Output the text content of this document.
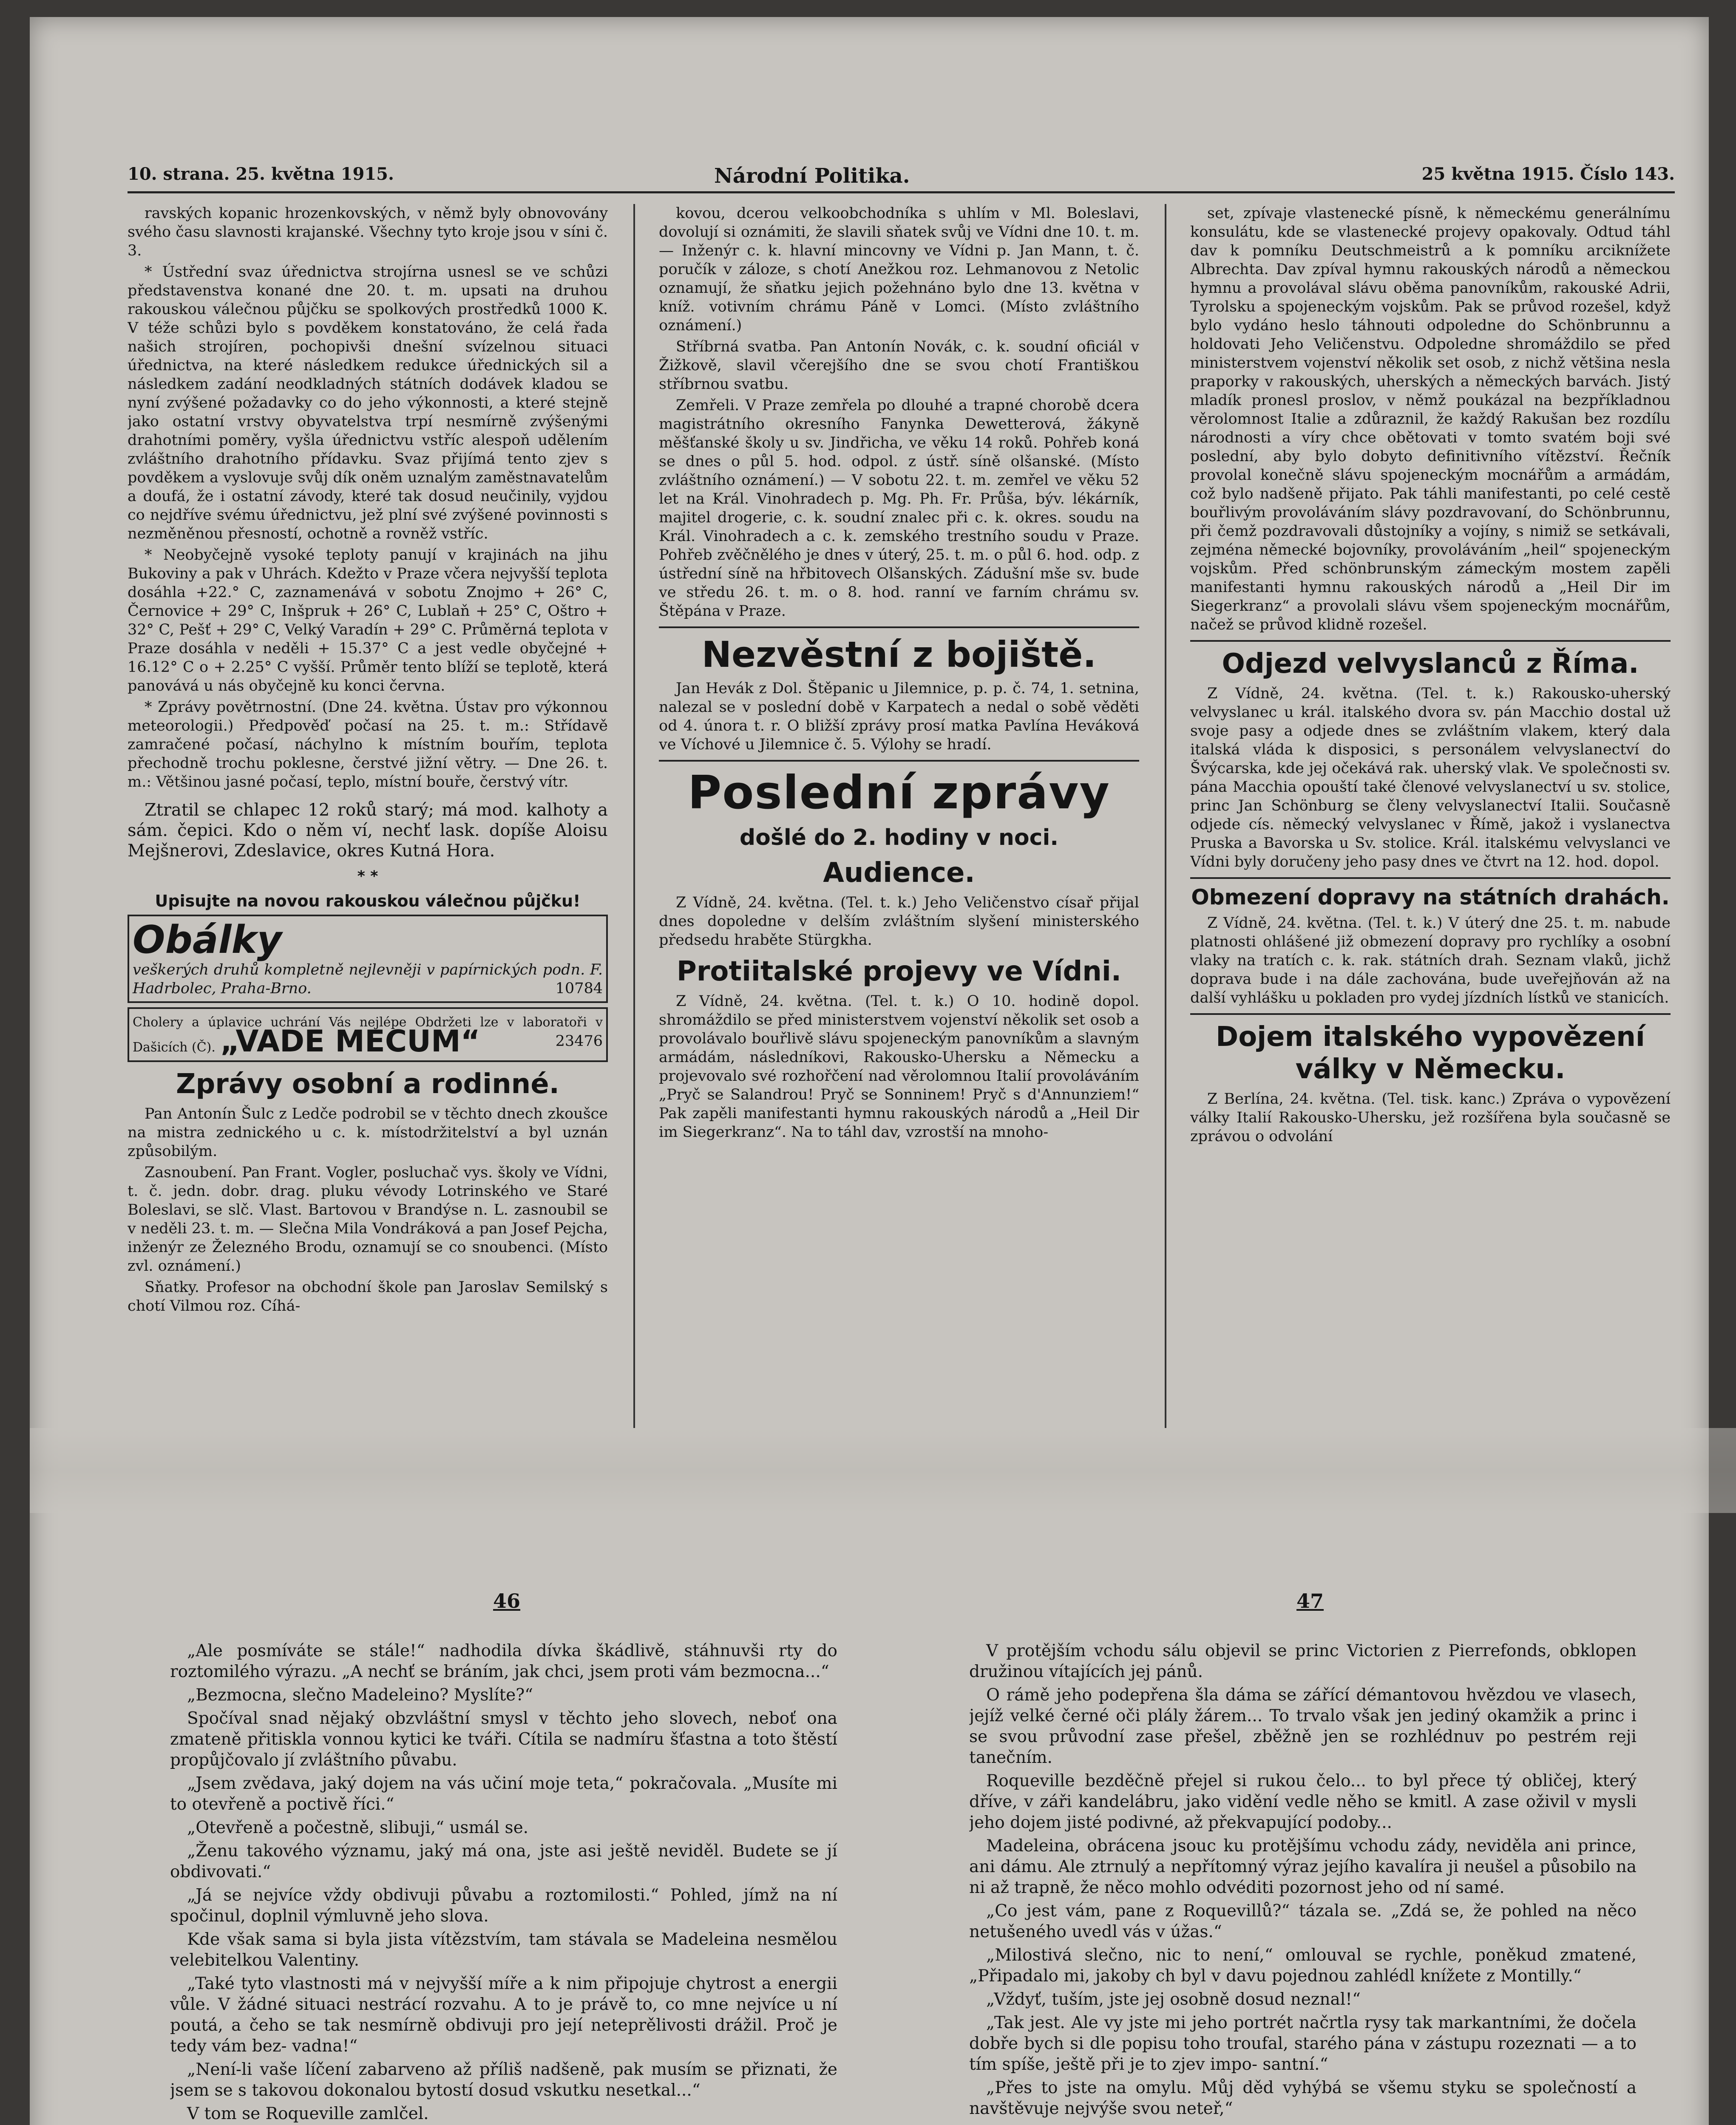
10. strana. 25. května 1915.	Národní Politika.	25 května 1915. Číslo 143.

ravských kopanic hrozenkovských, v němž byly obnovovány svého času slavnosti krajanské. Všechny tyto kroje jsou v síni č. 3.

* Ústřední svaz úřednictva strojírna usnesl se ve schůzi představenstva konané dne 20. t. m. upsati na druhou rakouskou válečnou půjčku se spolkových prostředků 1000 K. V téže schůzi bylo s povděkem konstatováno, že celá řada našich strojíren, pochopivši dnešní svízelnou situaci úřednictva, na které následkem redukce úřednických sil a následkem zadání neodkladných státních dodávek kladou se nyní zvýšené požadavky co do jeho výkonnosti, a které stejně jako ostatní vrstvy obyvatelstva trpí nesmírně zvýšenými drahotními poměry, vyšla úřednictvu vstříc alespoň udělením zvláštního drahotního přídavku. Svaz přijímá tento zjev s povděkem a vyslovuje svůj dík oněm uznalým zaměstnavatelům a doufá, že i ostatní závody, které tak dosud neučinily, vyjdou co nejdříve svému úřednictvu, jež plní své zvýšené povinnosti s nezměněnou přesností, ochotně a rovněž vstříc.

* Neobyčejně vysoké teploty panují v krajinách na jihu Bukoviny a pak v Uhrách. Kdežto v Praze včera nejvyšší teplota dosáhla +22.° C, zaznamenává v sobotu Znojmo + 26° C, Černovice + 29° C, Inšpruk + 26° C, Lublaň + 25° C, Oštro + 32° C, Pešť + 29° C, Velký Varadín + 29° C. Průměrná teplota v Praze dosáhla v neděli + 15.37° C a jest vedle obyčejné + 16.12° C o + 2.25° C vyšší. Průměr tento blíží se teplotě, která panovává u nás obyčejně ku konci června.

* Zprávy povětrnostní. (Dne 24. května. Ústav pro výkonnou meteorologii.) Předpověď počasí na 25. t. m.: Střídavě zamračené počasí, náchylno k místním bouřím, teplota přechodně trochu poklesne, čerstvé jižní větry. — Dne 26. t. m.: Většinou jasné počasí, teplo, místní bouře, čerstvý vítr.

Ztratil se chlapec 12 roků starý; má mod. kalhoty a sám. čepici. Kdo o něm ví, nechť lask. dopíše Aloisu Mejšnerovi, Zdeslavice, okres Kutná Hora.

* *

Upisujte na novou rakouskou válečnou půjčku!

Obálky
veškerých druhů kompletně nejlevněji v papírnických podn. F. Hadrbolec, Praha-Brno.	10784
Cholery a úplavice uchrání Vás nejlépe Obdržeti lze v laboratoři v Dašicích (Č). „VADE MECUM“	23476

Zprávy osobní a rodinné.

Pan Antonín Šulc z Ledče podrobil se v těchto dnech zkoušce na mistra zednického u c. k. místodržitelství a byl uznán způsobilým.

Zasnoubení. Pan Frant. Vogler, posluchač vys. školy ve Vídni, t. č. jedn. dobr. drag. pluku vévody Lotrinského ve Staré Boleslavi, se slč. Vlast. Bartovou v Brandýse n. L. zasnoubil se v neděli 23. t. m. — Slečna Mila Vondráková a pan Josef Pejcha, inženýr ze Železného Brodu, oznamují se co snoubenci. (Místo zvl. oznámení.)

Sňatky. Profesor na obchodní škole pan Jaroslav Semilský s chotí Vilmou roz. Cíhá-

kovou, dcerou velkoobchodníka s uhlím v Ml. Boleslavi, dovolují si oznámiti, že slavili sňatek svůj ve Vídni dne 10. t. m. — Inženýr c. k. hlavní mincovny ve Vídni p. Jan Mann, t. č. poručík v záloze, s chotí Anežkou roz. Lehmanovou z Netolic oznamují, že sňatku jejich požehnáno bylo dne 13. května v kníž. votivním chrámu Páně v Lomci. (Místo zvláštního oznámení.)

Stříbrná svatba. Pan Antonín Novák, c. k. soudní oficiál v Žižkově, slavil včerejšího dne se svou chotí Františkou stříbrnou svatbu.

Zemřeli. V Praze zemřela po dlouhé a trapné chorobě dcera magistrátního okresního Fanynka Dewetterová, žákyně měšťanské školy u sv. Jindřicha, ve věku 14 roků. Pohřeb koná se dnes o půl 5. hod. odpol. z ústř. síně olšanské. (Místo zvláštního oznámení.) — V sobotu 22. t. m. zemřel ve věku 52 let na Král. Vinohradech p. Mg. Ph. Fr. Průša, býv. lékárník, majitel drogerie, c. k. soudní znalec při c. k. okres. soudu na Král. Vinohradech a c. k. zemského trestního soudu v Praze. Pohřeb zvěčnělého je dnes v úterý, 25. t. m. o půl 6. hod. odp. z ústřední síně na hřbitovech Olšanských. Zádušní mše sv. bude ve středu 26. t. m. o 8. hod. ranní ve farním chrámu sv. Štěpána v Praze.

Nezvěstní z bojiště.

Jan Hevák z Dol. Štěpanic u Jilemnice, p. p. č. 74, 1. setnina, nalezal se v poslední době v Karpatech a nedal o sobě věděti od 4. února t. r. O bližší zprávy prosí matka Pavlína Heváková ve Víchové u Jilemnice č. 5. Výlohy se hradí.

Poslední zprávy

došlé do 2. hodiny v noci.

Audience.

Z Vídně, 24. května. (Tel. t. k.) Jeho Veličenstvo císař přijal dnes dopoledne v delším zvláštním slyšení ministerského předsedu hraběte Stürgkha.

Protiitalské projevy ve Vídni.

Z Vídně, 24. května. (Tel. t. k.) O 10. hodině dopol. shromáždilo se před ministerstvem vojenství několik set osob a provolávalo bouřlivě slávu spojeneckým panovníkům a slavným armádám, následníkovi, Rakousko-Uhersku a Německu a projevovalo své rozhořčení nad věrolomnou Italií provoláváním „Pryč se Salandrou! Pryč se Sonninem! Pryč s d'Annunziem!“ Pak zapěli manifestanti hymnu rakouských národů a „Heil Dir im Siegerkranz“. Na to táhl dav, vzrostší na mnoho-

set, zpívaje vlastenecké písně, k německému generálnímu konsulátu, kde se vlastenecké projevy opakovaly. Odtud táhl dav k pomníku Deutschmeistrů a k pomníku arciknížete Albrechta. Dav zpíval hymnu rakouských národů a německou hymnu a provolával slávu oběma panovníkům, rakouské Adrii, Tyrolsku a spojeneckým vojskům. Pak se průvod rozešel, když bylo vydáno heslo táhnouti odpoledne do Schönbrunnu a holdovati Jeho Veličenstvu. Odpoledne shromáždilo se před ministerstvem vojenství několik set osob, z nichž většina nesla praporky v rakouských, uherských a německých barvách. Jistý mladík pronesl proslov, v němž poukázal na bezpříkladnou věrolomnost Italie a zdůraznil, že každý Rakušan bez rozdílu národnosti a víry chce obětovati v tomto svatém boji své poslední, aby bylo dobyto definitivního vítězství. Řečník provolal konečně slávu spojeneckým mocnářům a armádám, což bylo nadšeně přijato. Pak táhli manifestanti, po celé cestě bouřlivým provoláváním slávy pozdravovaní, do Schönbrunnu, při čemž pozdravovali důstojníky a vojíny, s nimiž se setkávali, zejména německé bojovníky, provoláváním „heil“ spojeneckým vojskům. Před schönbrunským zámeckým mostem zapěli manifestanti hymnu rakouských národů a „Heil Dir im Siegerkranz“ a provolali slávu všem spojeneckým mocnářům, načež se průvod klidně rozešel.

Odjezd velvyslanců z Říma.

Z Vídně, 24. května. (Tel. t. k.) Rakousko-uherský velvyslanec u král. italského dvora sv. pán Macchio dostal už svoje pasy a odjede dnes se zvláštním vlakem, který dala italská vláda k disposici, s personálem velvyslanectví do Švýcarska, kde jej očekává rak. uherský vlak. Ve společnosti sv. pána Macchia opouští také členové velvyslanectví u sv. stolice, princ Jan Schönburg se členy velvyslanectví Italii. Současně odjede cís. německý velvyslanec v Římě, jakož i vyslanectva Pruska a Bavorska u Sv. stolice. Král. italskému velvyslanci ve Vídni byly doručeny jeho pasy dnes ve čtvrt na 12. hod. dopol.

Obmezení dopravy na státních drahách.

Z Vídně, 24. května. (Tel. t. k.) V úterý dne 25. t. m. nabude platnosti ohlášené již obmezení dopravy pro rychlíky a osobní vlaky na tratích c. k. rak. státních drah. Seznam vlaků, jichž doprava bude i na dále zachována, bude uveřejňován až na další vyhlášku u pokladen pro vydej jízdních lístků ve stanicích.

Dojem italského vypovězení války v Německu.

Z Berlína, 24. května. (Tel. tisk. kanc.) Zpráva o vypovězení války Italií Rakousko-Uhersku, jež rozšířena byla současně se zprávou o odvolání

46	47

„Ale posmíváte se stále!“ nadhodila dívka škádlivě, stáhnuvši rty do roztomilého výrazu. „A nechť se bráním, jak chci, jsem proti vám bezmocna...“

„Bezmocna, slečno Madeleino? Myslíte?“

Spočíval snad nějaký obzvláštní smysl v těchto jeho slovech, neboť ona zmateně přitiskla vonnou kytici ke tváři. Cítila se nadmíru šťastna a toto štěstí propůjčovalo jí zvláštního půvabu.

„Jsem zvědava, jaký dojem na vás učiní moje teta,“ pokračovala. „Musíte mi to otevřeně a poctivě říci.“

„Otevřeně a počestně, slibuji,“ usmál se.

„Ženu takového významu, jaký má ona, jste asi ještě neviděl. Budete se jí obdivovati.“

„Já se nejvíce vždy obdivuji půvabu a roztomilosti.“ Pohled, jímž na ní spočinul, doplnil výmluvně jeho slova.

Kde však sama si byla jista vítězstvím, tam stávala se Madeleina nesmělou velebitelkou Valentiny.

„Také tyto vlastnosti má v nejvyšší míře a k nim připojuje chytrost a energii vůle. V žádné situaci nestrácí rozvahu. A to je právě to, co mne nejvíce u ní poutá, a čeho se tak nesmírně obdivuji pro její neteprělivosti drážil. Proč je tedy vám bez- vadna!“

„Není-li vaše líčení zabarveno až příliš nadšeně, pak musím se přiznati, že jsem se s takovou dokonalou bytostí dosud vskutku nesetkal...“

V tom se Roqueville zamlčel.

V protějším vchodu sálu objevil se princ Victorien z Pierrefonds, obklopen družinou vítajících jej pánů.

O rámě jeho podepřena šla dáma se zářící démantovou hvězdou ve vlasech, jejíž velké černé oči plály žárem... To trvalo však jen jediný okamžik a princ i se svou průvodní zase přešel, zběžně jen se rozhlédnuv po pestrém reji tanečním.

Roqueville bezděčně přejel si rukou čelo... to byl přece tý obličej, který dříve, v záři kandelábru, jako vidění vedle něho se kmitl. A zase oživil v mysli jeho dojem jisté podivné, až překvapující podoby...

Madeleina, obrácena jsouc ku protějšímu vchodu zády, neviděla ani prince, ani dámu. Ale ztrnulý a nepřítomný výraz jejího kavalíra ji neušel a působilo na ni až trapně, že něco mohlo odvéditi pozornost jeho od ní samé.

„Co jest vám, pane z Roquevillů?“ tázala se. „Zdá se, že pohled na něco netušeného uvedl vás v úžas.“

„Milostivá slečno, nic to není,“ omlouval se rychle, poněkud zmatené, „Připadalo mi, jakoby ch byl v davu pojednou zahlédl knížete z Montilly.“

„Vždyť, tuším, jste jej osobně dosud neznal!“

„Tak jest. Ale vy jste mi jeho portrét načrtla rysy tak markantními, že dočela dobře bych si dle popisu toho troufal, starého pána v zástupu rozeznati — a to tím spíše, ještě při je to zjev impo- santní.“

„Přes to jste na omylu. Můj děd vyhýbá se všemu styku se společností a navštěvuje nejvýše svou neteř,“
